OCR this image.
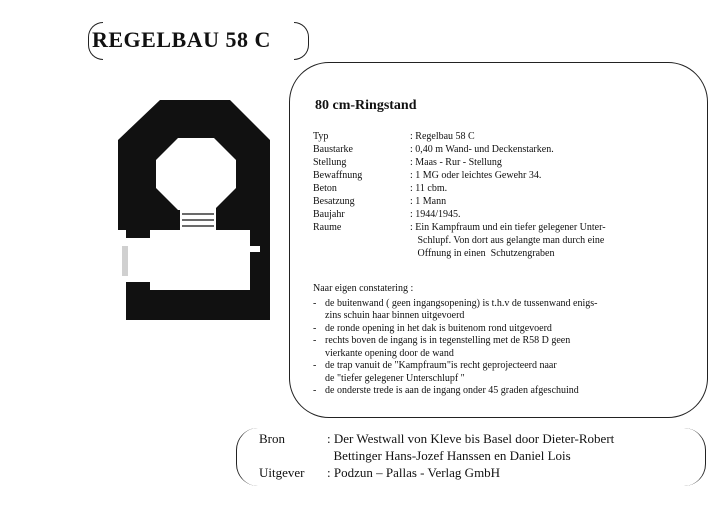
REGELBAU 58 C
80 cm-Ringstand
Typ	: Regelbau 58 C
Baustarke	: 0,40 m Wand- und Deckenstarken.
Stellung	: Maas - Rur - Stellung
Bewaffnung	: 1 MG oder leichtes Gewehr 34.
Beton	: 11 cbm.
Besatzung	: 1 Mann
Baujahr	: 1944/1945.
Raume	: Ein Kampfraum und ein tiefer gelegener Unter-
Schlupf. Von dort aus gelangte man durch eine
Offnung in einen  Schutzengraben
Naar eigen constatering :
- de buitenwand ( geen ingangsopening) is t.h.v de tussenwand enigs-
zins schuin haar binnen uitgevoerd
- de ronde opening in het dak is buitenom rond uitgevoerd
- rechts boven de ingang is in tegenstelling met de R58 D geen
vierkante opening door de wand
- de trap vanuit de "Kampfraum"is recht geprojecteerd naar
de "tiefer gelegener Unterschlupf "
- de onderste trede is aan de ingang onder 45 graden afgeschuind
Bron	: Der Westwall von Kleve bis Basel door Dieter-Robert
Bettinger Hans-Jozef Hanssen en Daniel Lois
Uitgever	: Podzun – Pallas - Verlag GmbH
